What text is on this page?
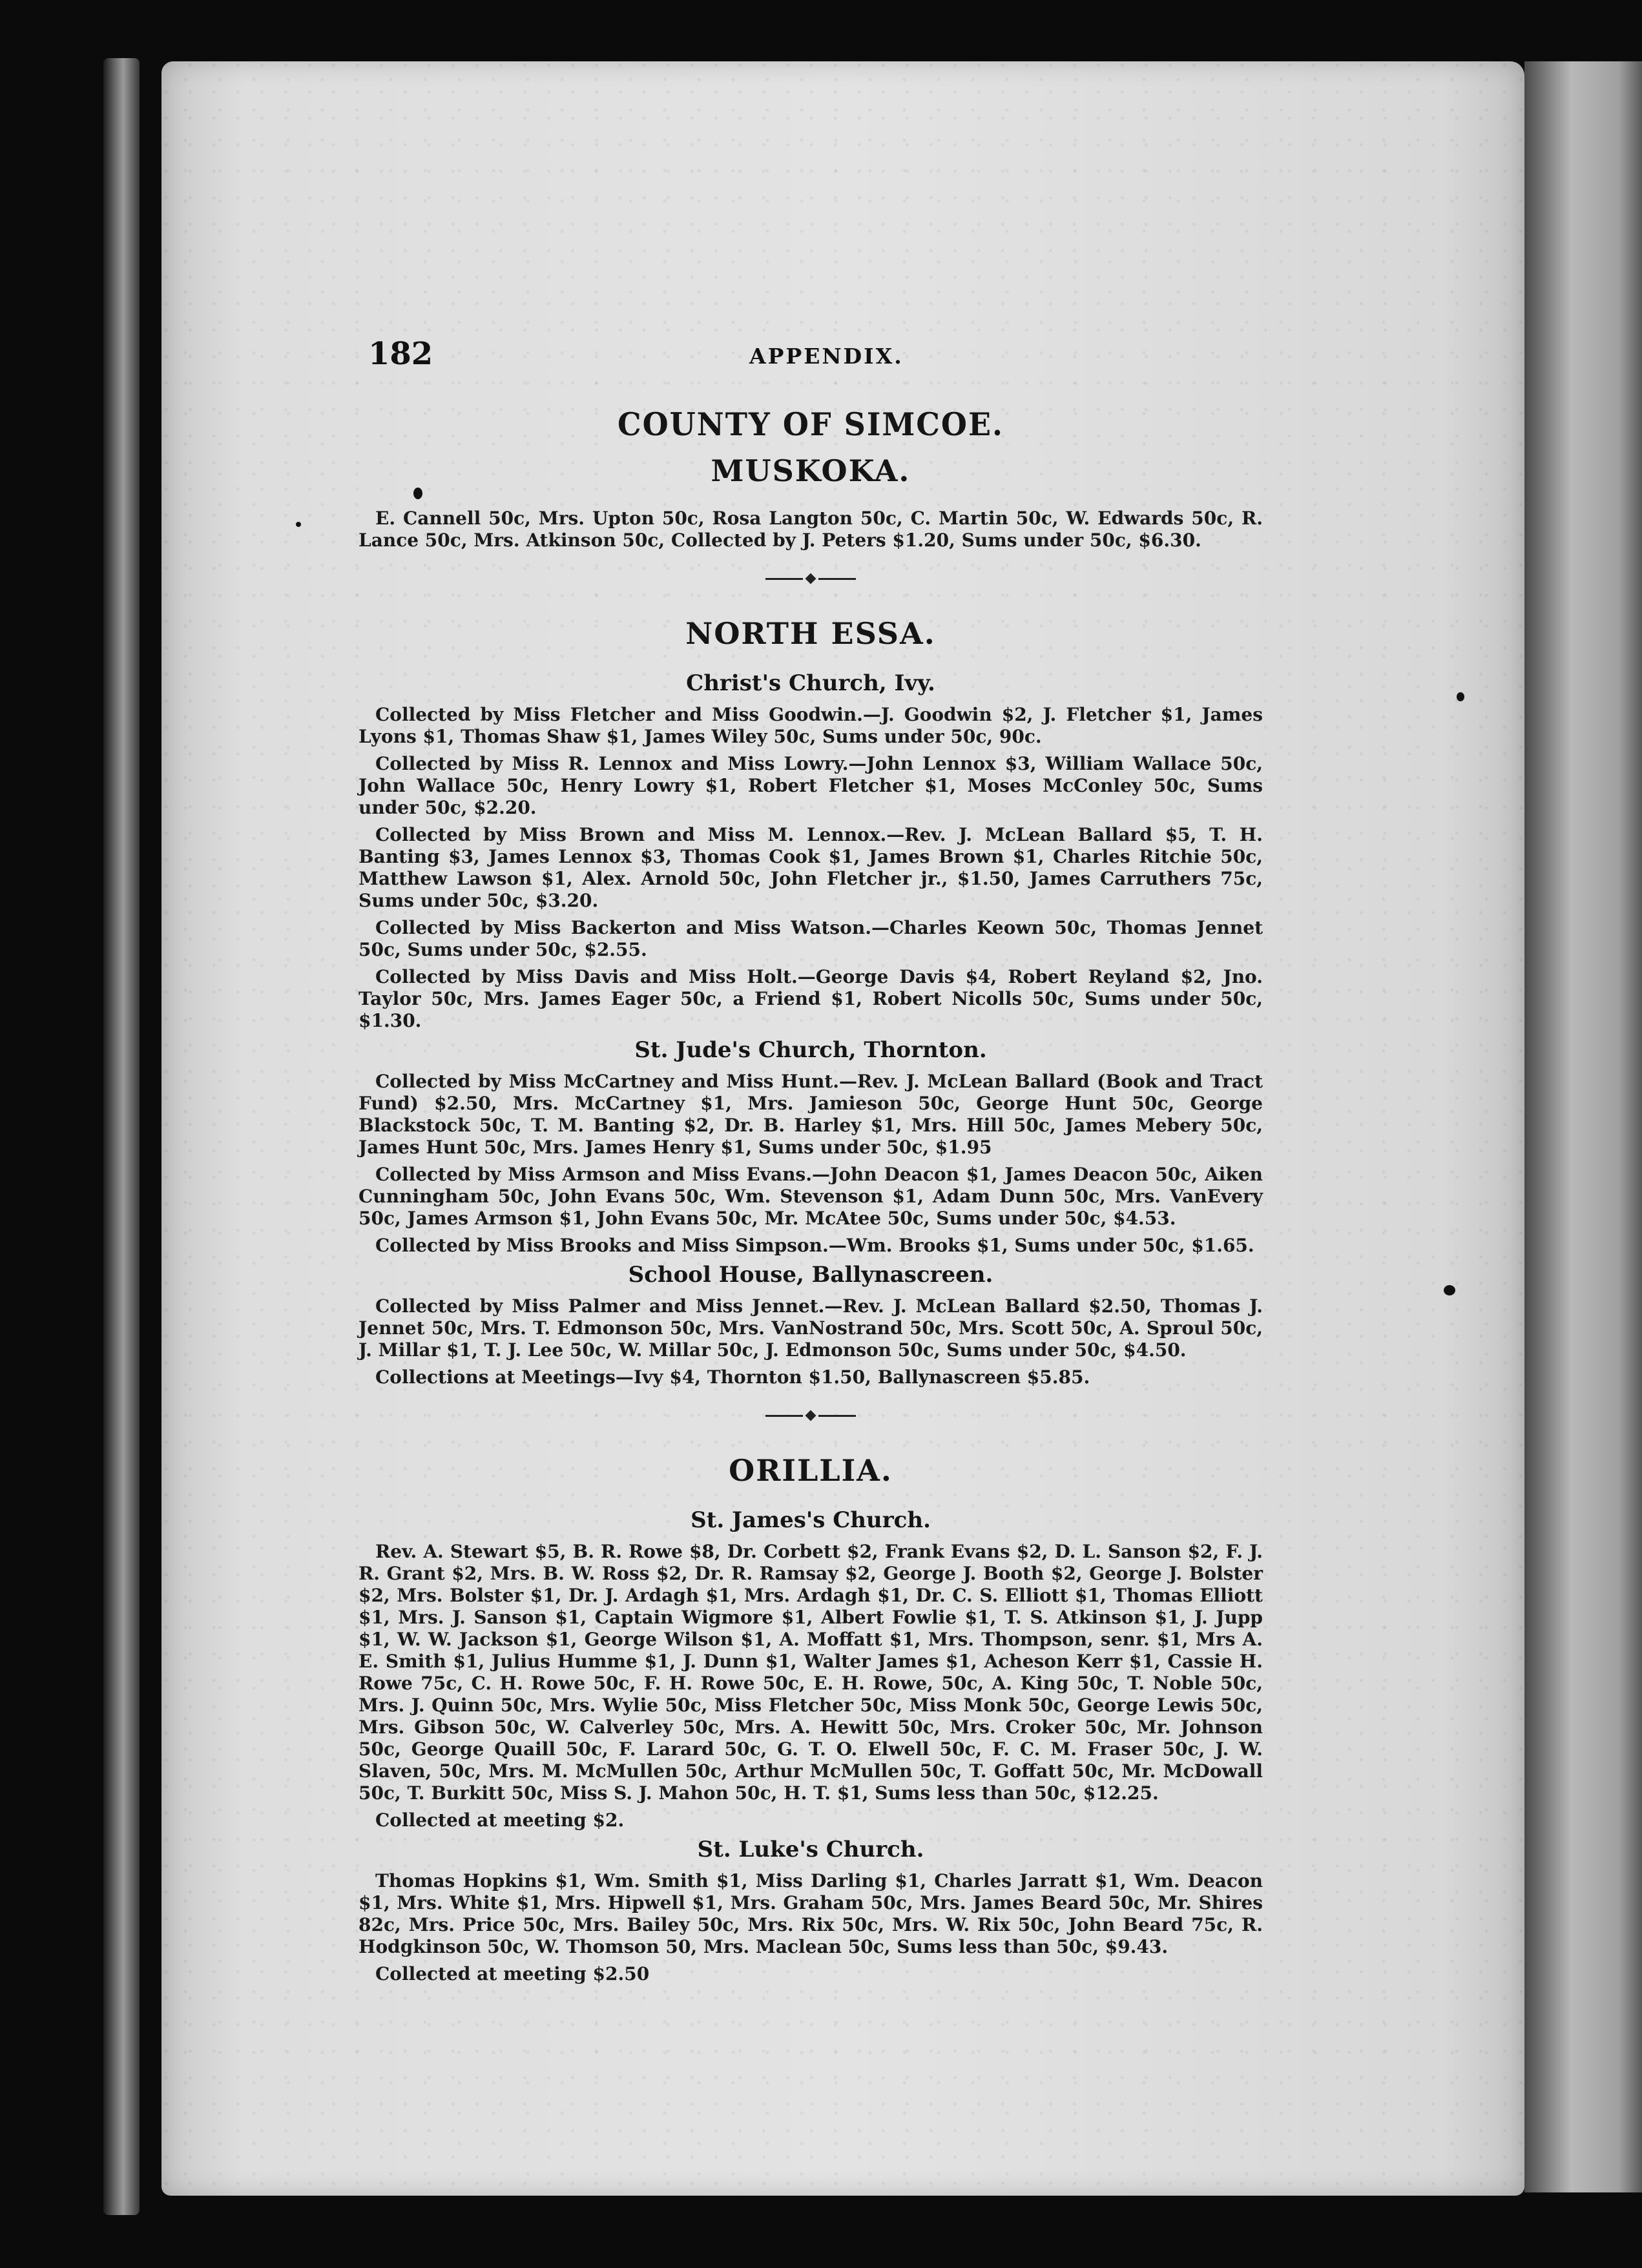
182	APPENDIX.
COUNTY OF SIMCOE.
MUSKOKA.

E. Cannell 50c, Mrs. Upton 50c, Rosa Langton 50c, C. Martin 50c, W. Edwards 50c, R. Lance 50c, Mrs. Atkinson 50c, Collected by J. Peters $1.20, Sums under 50c, $6.30.

NORTH ESSA.
Christ's Church, Ivy.

Collected by Miss Fletcher and Miss Goodwin.—J. Goodwin $2, J. Fletcher $1, James Lyons $1, Thomas Shaw $1, James Wiley 50c, Sums under 50c, 90c.

Collected by Miss R. Lennox and Miss Lowry.—John Lennox $3, William Wallace 50c, John Wallace 50c, Henry Lowry $1, Robert Fletcher $1, Moses McConley 50c, Sums under 50c, $2.20.

Collected by Miss Brown and Miss M. Lennox.—Rev. J. McLean Ballard $5, T. H. Banting $3, James Lennox $3, Thomas Cook $1, James Brown $1, Charles Ritchie 50c, Matthew Lawson $1, Alex. Arnold 50c, John Fletcher jr., $1.50, James Carruthers 75c, Sums under 50c, $3.20.

Collected by Miss Backerton and Miss Watson.—Charles Keown 50c, Thomas Jennet 50c, Sums under 50c, $2.55.

Collected by Miss Davis and Miss Holt.—George Davis $4, Robert Reyland $2, Jno. Taylor 50c, Mrs. James Eager 50c, a Friend $1, Robert Nicolls 50c, Sums under 50c, $1.30.

St. Jude's Church, Thornton.

Collected by Miss McCartney and Miss Hunt.—Rev. J. McLean Ballard (Book and Tract Fund) $2.50, Mrs. McCartney $1, Mrs. Jamieson 50c, George Hunt 50c, George Blackstock 50c, T. M. Banting $2, Dr. B. Harley $1, Mrs. Hill 50c, James Mebery 50c, James Hunt 50c, Mrs. James Henry $1, Sums under 50c, $1.95

Collected by Miss Armson and Miss Evans.—John Deacon $1, James Deacon 50c, Aiken Cunningham 50c, John Evans 50c, Wm. Stevenson $1, Adam Dunn 50c, Mrs. VanEvery 50c, James Armson $1, John Evans 50c, Mr. McAtee 50c, Sums under 50c, $4.53.

Collected by Miss Brooks and Miss Simpson.—Wm. Brooks $1, Sums under 50c, $1.65.

School House, Ballynascreen.

Collected by Miss Palmer and Miss Jennet.—Rev. J. McLean Ballard $2.50, Thomas J. Jennet 50c, Mrs. T. Edmonson 50c, Mrs. VanNostrand 50c, Mrs. Scott 50c, A. Sproul 50c, J. Millar $1, T. J. Lee 50c, W. Millar 50c, J. Edmonson 50c, Sums under 50c, $4.50.

Collections at Meetings—Ivy $4, Thornton $1.50, Ballynascreen $5.85.

ORILLIA.
St. James's Church.

Rev. A. Stewart $5, B. R. Rowe $8, Dr. Corbett $2, Frank Evans $2, D. L. Sanson $2, F. J. R. Grant $2, Mrs. B. W. Ross $2, Dr. R. Ramsay $2, George J. Booth $2, George J. Bolster $2, Mrs. Bolster $1, Dr. J. Ardagh $1, Mrs. Ardagh $1, Dr. C. S. Elliott $1, Thomas Elliott $1, Mrs. J. Sanson $1, Captain Wigmore $1, Albert Fowlie $1, T. S. Atkinson $1, J. Jupp $1, W. W. Jackson $1, George Wilson $1, A. Moffatt $1, Mrs. Thompson, senr. $1, Mrs A. E. Smith $1, Julius Humme $1, J. Dunn $1, Walter James $1, Acheson Kerr $1, Cassie H. Rowe 75c, C. H. Rowe 50c, F. H. Rowe 50c, E. H. Rowe, 50c, A. King 50c, T. Noble 50c, Mrs. J. Quinn 50c, Mrs. Wylie 50c, Miss Fletcher 50c, Miss Monk 50c, George Lewis 50c, Mrs. Gibson 50c, W. Calverley 50c, Mrs. A. Hewitt 50c, Mrs. Croker 50c, Mr. Johnson 50c, George Quaill 50c, F. Larard 50c, G. T. O. Elwell 50c, F. C. M. Fraser 50c, J. W. Slaven, 50c, Mrs. M. McMullen 50c, Arthur McMullen 50c, T. Goffatt 50c, Mr. McDowall 50c, T. Burkitt 50c, Miss S. J. Mahon 50c, H. T. $1, Sums less than 50c, $12.25.

Collected at meeting $2.

St. Luke's Church.

Thomas Hopkins $1, Wm. Smith $1, Miss Darling $1, Charles Jarratt $1, Wm. Deacon $1, Mrs. White $1, Mrs. Hipwell $1, Mrs. Graham 50c, Mrs. James Beard 50c, Mr. Shires 82c, Mrs. Price 50c, Mrs. Bailey 50c, Mrs. Rix 50c, Mrs. W. Rix 50c, John Beard 75c, R. Hodgkinson 50c, W. Thomson 50, Mrs. Maclean 50c, Sums less than 50c, $9.43.

Collected at meeting $2.50
